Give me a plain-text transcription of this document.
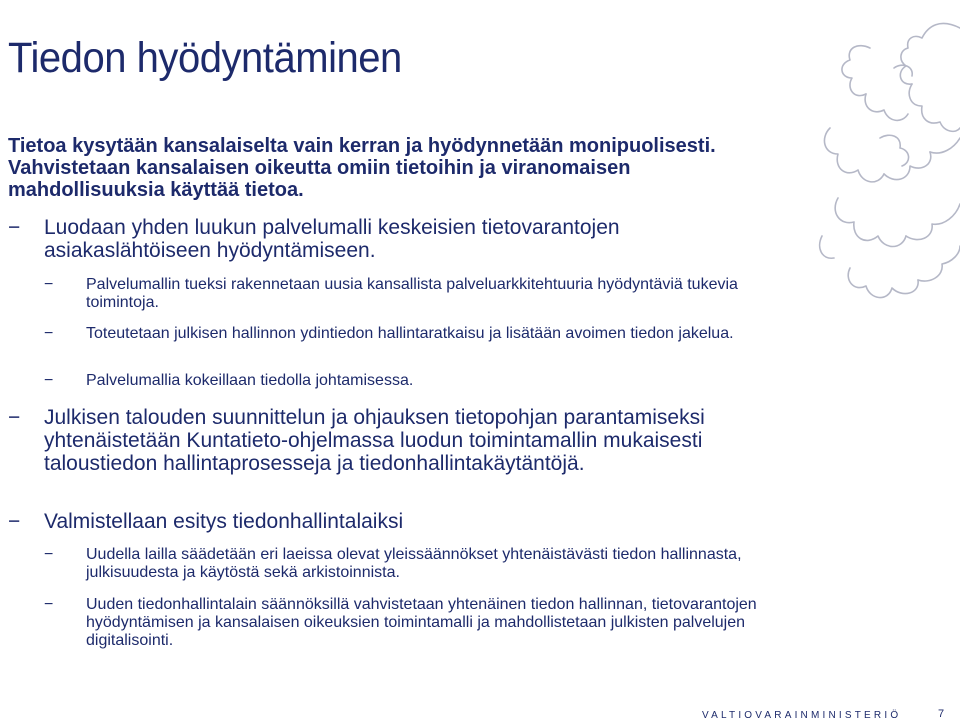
Tiedon hyödyntäminen

Tietoa kysytään kansalaiselta vain kerran ja hyödynnetään monipuolisesti. Vahvistetaan kansalaisen oikeutta omiin tietoihin ja viranomaisen mahdollisuuksia käyttää tietoa.

−	Luodaan yhden luukun palvelumalli keskeisien tietovarantojen asiakaslähtöiseen hyödyntämiseen.
−	Palvelumallin tueksi rakennetaan uusia kansallista palveluarkkitehtuuria hyödyntäviä tukevia toimintoja.
−	Toteutetaan julkisen hallinnon ydintiedon hallintaratkaisu ja lisätään avoimen tiedon jakelua.
−	Palvelumallia kokeillaan tiedolla johtamisessa.
−	Julkisen talouden suunnittelun ja ohjauksen tietopohjan parantamiseksi yhtenäistetään Kuntatieto-ohjelmassa luodun toimintamallin mukaisesti taloustiedon hallintaprosesseja ja tiedonhallintakäytäntöjä.
−	Valmistellaan esitys tiedonhallintalaiksi
−	Uudella lailla säädetään eri laeissa olevat yleissäännökset yhtenäistävästi tiedon hallinnasta, julkisuudesta ja käytöstä sekä arkistoinnista.
−	Uuden tiedonhallintalain säännöksillä vahvistetaan yhtenäinen tiedon hallinnan, tietovarantojen hyödyntämisen ja kansalaisen oikeuksien toimintamalli ja mahdollistetaan julkisten palvelujen digitalisointi.
VALTIOVARAINMINISTERIÖ	7
